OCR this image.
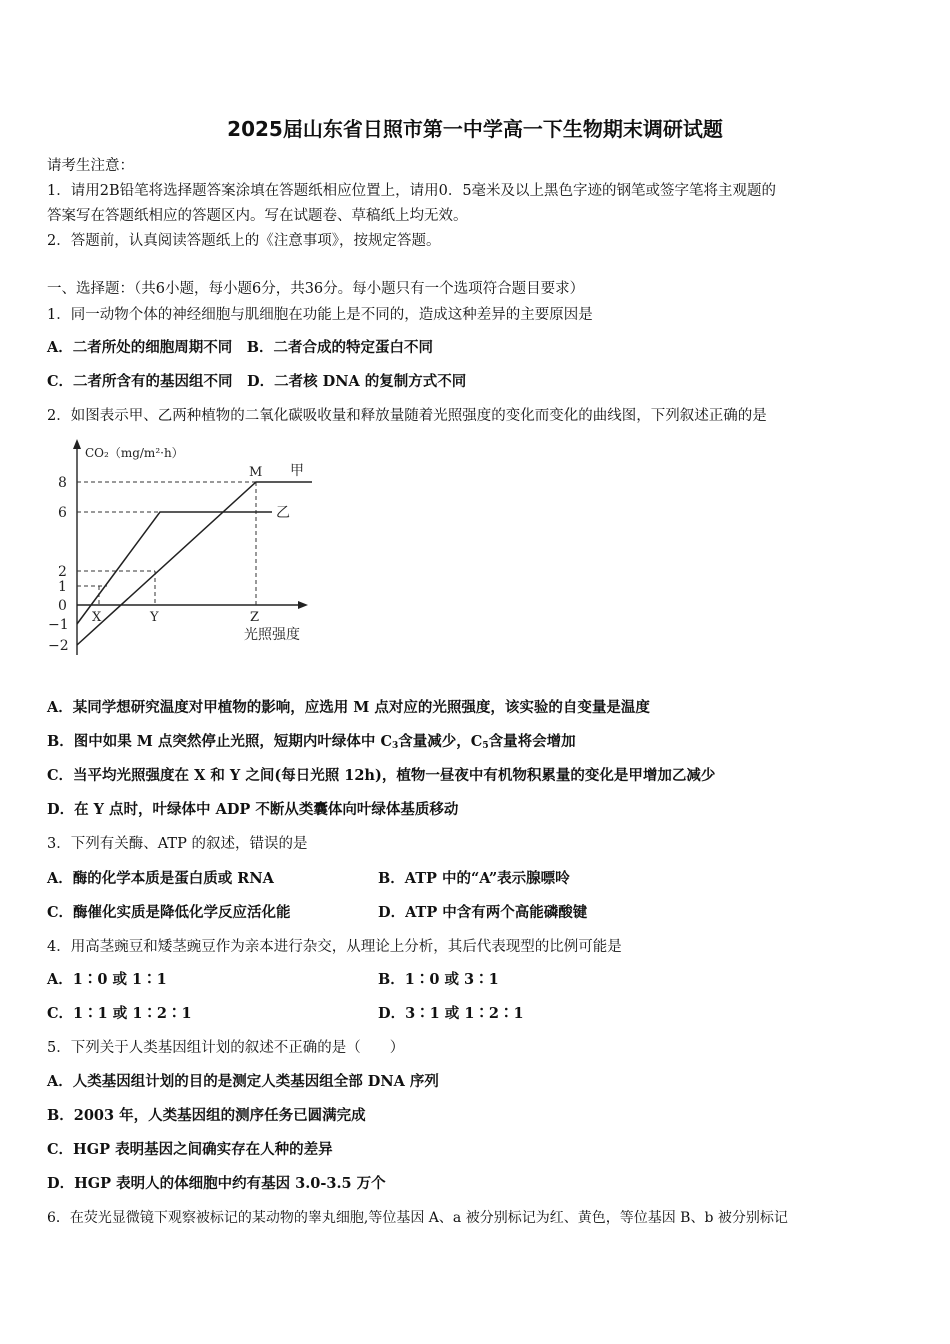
2025届山东省日照市第一中学高一下生物期末调研试题
请考生注意：
1．请用2B铅笔将选择题答案涂填在答题纸相应位置上，请用0．5毫米及以上黑色字迹的钢笔或签字笔将主观题的
答案写在答题纸相应的答题区内。写在试题卷、草稿纸上均无效。
2．答题前，认真阅读答题纸上的《注意事项》，按规定答题。
一、选择题：（共6小题，每小题6分，共36分。每小题只有一个选项符合题目要求）
1．同一动物个体的神经细胞与肌细胞在功能上是不同的，造成这种差异的主要原因是
A．二者所处的细胞周期不同　B．二者合成的特定蛋白不同
C．二者所含有的基因组不同　D．二者核 DNA 的复制方式不同
2．如图表示甲、乙两种植物的二氧化碳吸收量和释放量随着光照强度的变化而变化的曲线图，下列叙述正确的是
CO₂（mg/m²·h）
8
6
2
1
0
−1
−2
X	Y	Z
M 甲
乙
光照强度
A．某同学想研究温度对甲植物的影响，应选用 M 点对应的光照强度，该实验的自变量是温度
B．图中如果 M 点突然停止光照，短期内叶绿体中 $C_3$含量减少，$C_5$含量将会增加
C．当平均光照强度在 X 和 Y 之间(每日光照 12h)，植物一昼夜中有机物积累量的变化是甲增加乙减少
D．在 Y 点时，叶绿体中 ADP 不断从类囊体向叶绿体基质移动
3．下列有关酶、ATP 的叙述，错误的是
A．酶的化学本质是蛋白质或 RNA	B．ATP 中的“A”表示腺嘌呤
C．酶催化实质是降低化学反应活化能	D．ATP 中含有两个高能磷酸键
4．用高茎豌豆和矮茎豌豆作为亲本进行杂交，从理论上分析，其后代表现型的比例可能是
A．1∶0 或 1∶1	B．1∶0 或 3∶1
C．1∶1 或 1∶2∶1	D．3∶1 或 1∶2∶1
5．下列关于人类基因组计划的叙述不正确的是（　　）
A．人类基因组计划的目的是测定人类基因组全部 DNA 序列
B．2003 年，人类基因组的测序任务已圆满完成
C．HGP 表明基因之间确实存在人种的差异
D．HGP 表明人的体细胞中约有基因 3.0-3.5 万个
6．在荧光显微镜下观察被标记的某动物的睾丸细胞,等位基因 A、a 被分别标记为红、黄色，等位基因 B、b 被分别标记
